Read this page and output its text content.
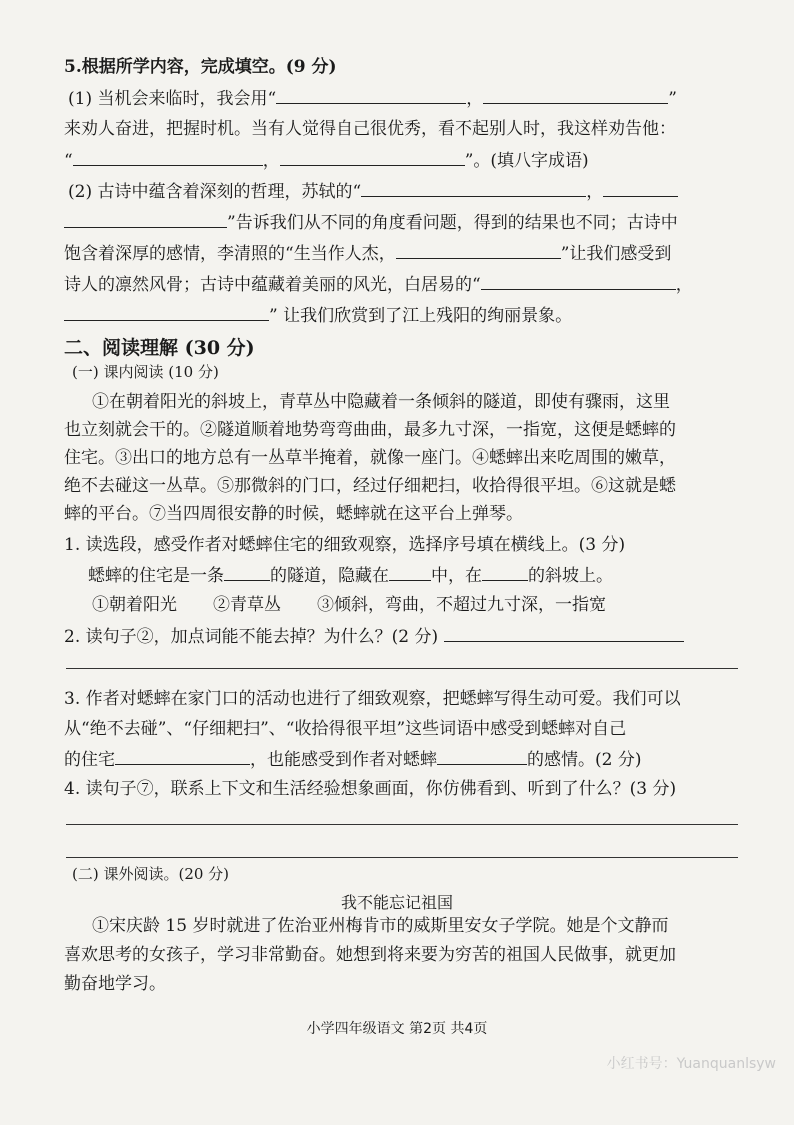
5.根据所学内容，完成填空。(9 分)
(1) 当机会来临时，我会用“	，	”
来劝人奋进，把握时机。当有人觉得自己很优秀，看不起别人时，我这样劝告他：
“	，	”。(填八字成语)
(2) 古诗中蕴含着深刻的哲理，苏轼的“	，
”告诉我们从不同的角度看问题，得到的结果也不同；古诗中
饱含着深厚的感情，李清照的“生当作人杰，	”让我们感受到
诗人的凛然风骨；古诗中蕴藏着美丽的风光，白居易的“	，
” 让我们欣赏到了江上残阳的绚丽景象。
二、阅读理解 (30 分)
(一) 课内阅读 (10 分)
①在朝着阳光的斜坡上，青草丛中隐藏着一条倾斜的隧道，即使有骤雨，这里
也立刻就会干的。②隧道顺着地势弯弯曲曲，最多九寸深，一指宽，这便是蟋蟀的
住宅。③出口的地方总有一丛草半掩着，就像一座门。④蟋蟀出来吃周围的嫩草，
绝不去碰这一丛草。⑤那微斜的门口，经过仔细耙扫，收拾得很平坦。⑥这就是蟋
蟀的平台。⑦当四周很安静的时候，蟋蟀就在这平台上弹琴。
1. 读选段，感受作者对蟋蟀住宅的细致观察，选择序号填在横线上。(3 分)
蟋蟀的住宅是一条	的隧道，隐藏在 中，在	的斜坡上。
①朝着阳光 ②青草丛 ③倾斜，弯曲，不超过九寸深，一指宽
2. 读句子②，加点词能不能去掉？为什么？(2 分)
3. 作者对蟋蟀在家门口的活动也进行了细致观察，把蟋蟀写得生动可爱。我们可以
从“绝不去碰”、“仔细耙扫”、“收拾得很平坦”这些词语中感受到蟋蟀对自己
的住宅	，也能感受到作者对蟋蟀	的感情。(2 分)
4. 读句子⑦，联系上下文和生活经验想象画面，你仿佛看到、听到了什么？(3 分)
(二) 课外阅读。(20 分)
我不能忘记祖国
①宋庆龄 15 岁时就进了佐治亚州梅肯市的威斯里安女子学院。她是个文静而
喜欢思考的女孩子，学习非常勤奋。她想到将来要为穷苦的祖国人民做事，就更加
勤奋地学习。
小学四年级语文 第2页 共4页
小红书号：Yuanquanlsyw
